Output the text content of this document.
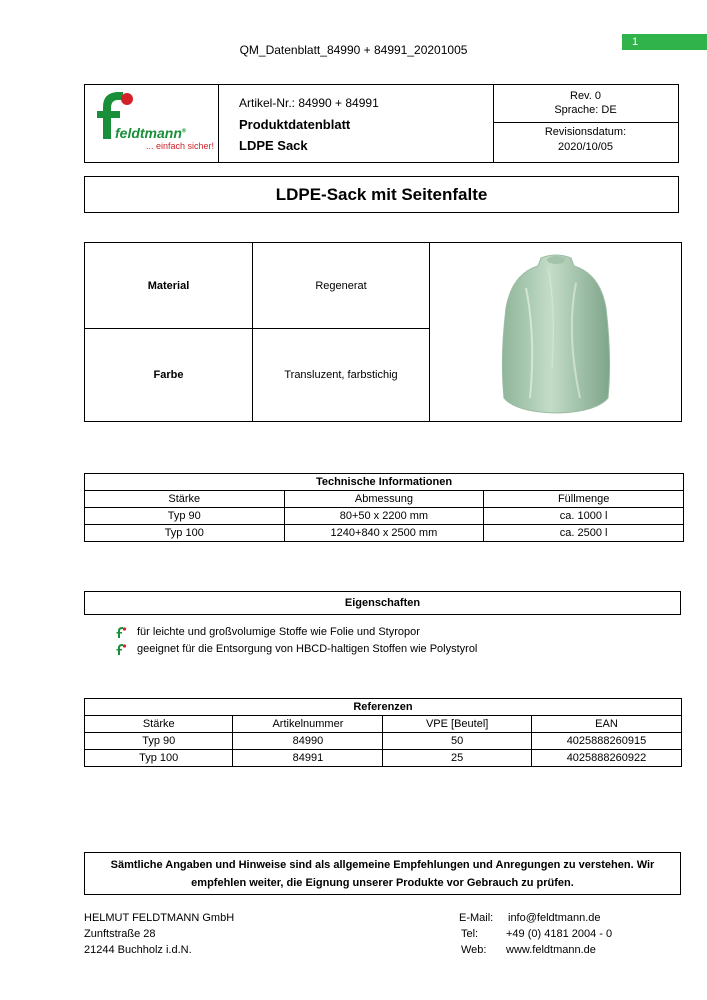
QM_Datenblatt_84990 + 84991_20201005
1
feldtmann®
... einfach sicher!
Artikel-Nr.: 84990 + 84991
Produktdatenblatt
LDPE Sack
Rev. 0
Sprache: DE
Revisionsdatum:
2020/10/05
LDPE-Sack mit Seitenfalte
Material	Regenerat
Farbe	Transluzent, farbstichig
Technische Informationen		
Stärke	Abmessung	Füllmenge
Typ 90	80+50 x 2200 mm	ca. 1000 l
Typ 100	1240+840 x 2500 mm	ca. 2500 l
Eigenschaften
für leichte und großvolumige Stoffe wie Folie und Styropor
geeignet für die Entsorgung von HBCD-haltigen Stoffen wie Polystyrol
Referenzen			
Stärke	Artikelnummer	VPE [Beutel]	EAN
Typ 90	84990	50	4025888260915
Typ 100	84991	25	4025888260922
Sämtliche Angaben und Hinweise sind als allgemeine Empfehlungen und Anregungen zu verstehen. Wir empfehlen weiter, die Eignung unserer Produkte vor Gebrauch zu prüfen.
HELMUT FELDTMANN GmbH
Zunftstraße 28
21244 Buchholz i.d.N.
E-Mail: info@feldtmann.de
Tel:	+49 (0) 4181 2004 - 0
Web: www.feldtmann.de
